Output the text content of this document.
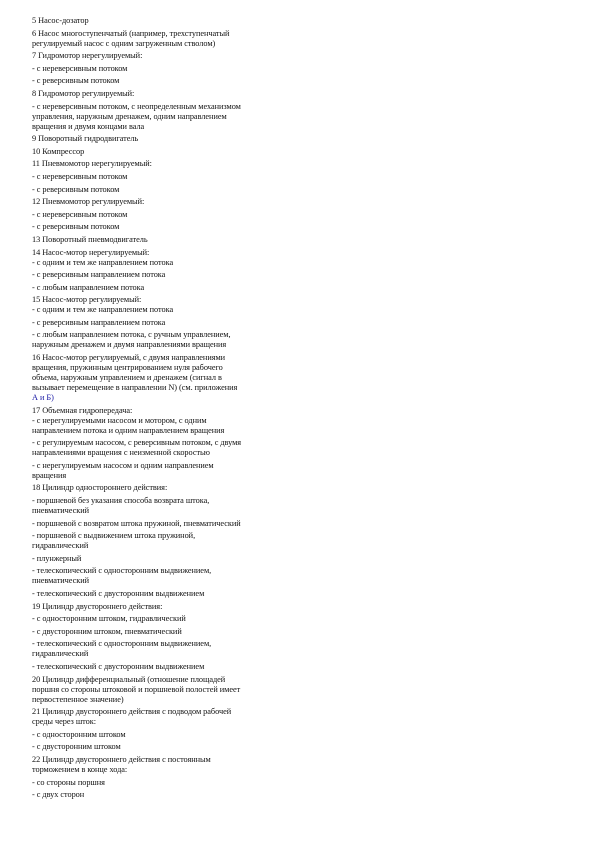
5 Насос-дозатор
6 Насос многоступенчатый (например, трехступенчатый
регулируемый насос с одним загруженным стволом)
7 Гидромотор нерегулируемый:
- с нереверсивным потоком
- с реверсивным потоком
8 Гидромотор регулируемый:
- с нереверсивным потоком, с неопределенным механизмом
управления, наружным дренажем, одним направлением
вращения и двумя концами вала
9 Поворотный гидродвигатель
10 Компрессор
11 Пневмомотор нерегулируемый:
- с нереверсивным потоком
- с реверсивным потоком
12 Пневмомотор регулируемый:
- с нереверсивным потоком
- с реверсивным потоком
13 Поворотный пневмодвигатель
14 Насос-мотор нерегулируемый:
- с одним и тем же направлением потока
- с реверсивным направлением потока
- с любым направлением потока
15 Насос-мотор регулируемый:
- с одним и тем же направлением потока
- с реверсивным направлением потока
- с любым направлением потока, с ручным управлением,
наружным дренажем и двумя направлениями вращения
16 Насос-мотор регулируемый, с двумя направлениями
вращения, пружинным центрированием нуля рабочего
объема, наружным управлением и дренажем (сигнал в
вызывает перемещение в направлении N) (см. приложения
А и Б)
17 Объемная гидропередача:
- с нерегулируемыми насосом и мотором, с одним
направлением потока и одним направлением вращения
- с регулируемым насосом, с реверсивным потоком, с двумя
направлениями вращения с неизменной скоростью
- с нерегулируемым насосом и одним направлением
вращения
18 Цилиндр одностороннего действия:
- поршневой без указания способа возврата штока,
пневматический
- поршневой с возвратом штока пружиной, пневматический
- поршневой с выдвижением штока пружиной,
гидравлический
- плунжерный
- телескопический с односторонним выдвижением,
пневматический
- телескопический с двусторонним выдвижением
19 Цилиндр двустороннего действия:
- с односторонним штоком, гидравлический
- с двусторонним штоком, пневматический
- телескопический с односторонним выдвижением,
гидравлический
- телескопический с двусторонним выдвижением
20 Цилиндр дифференциальный (отношение площадей
поршня со стороны штоковой и поршневой полостей имеет
первостепенное значение)
21 Цилиндр двустороннего действия с подводом рабочей
среды через шток:
- с односторонним штоком
- с двусторонним штоком
22 Цилиндр двустороннего действия с постоянным
торможением в конце хода:
- со стороны поршня
- с двух сторон
